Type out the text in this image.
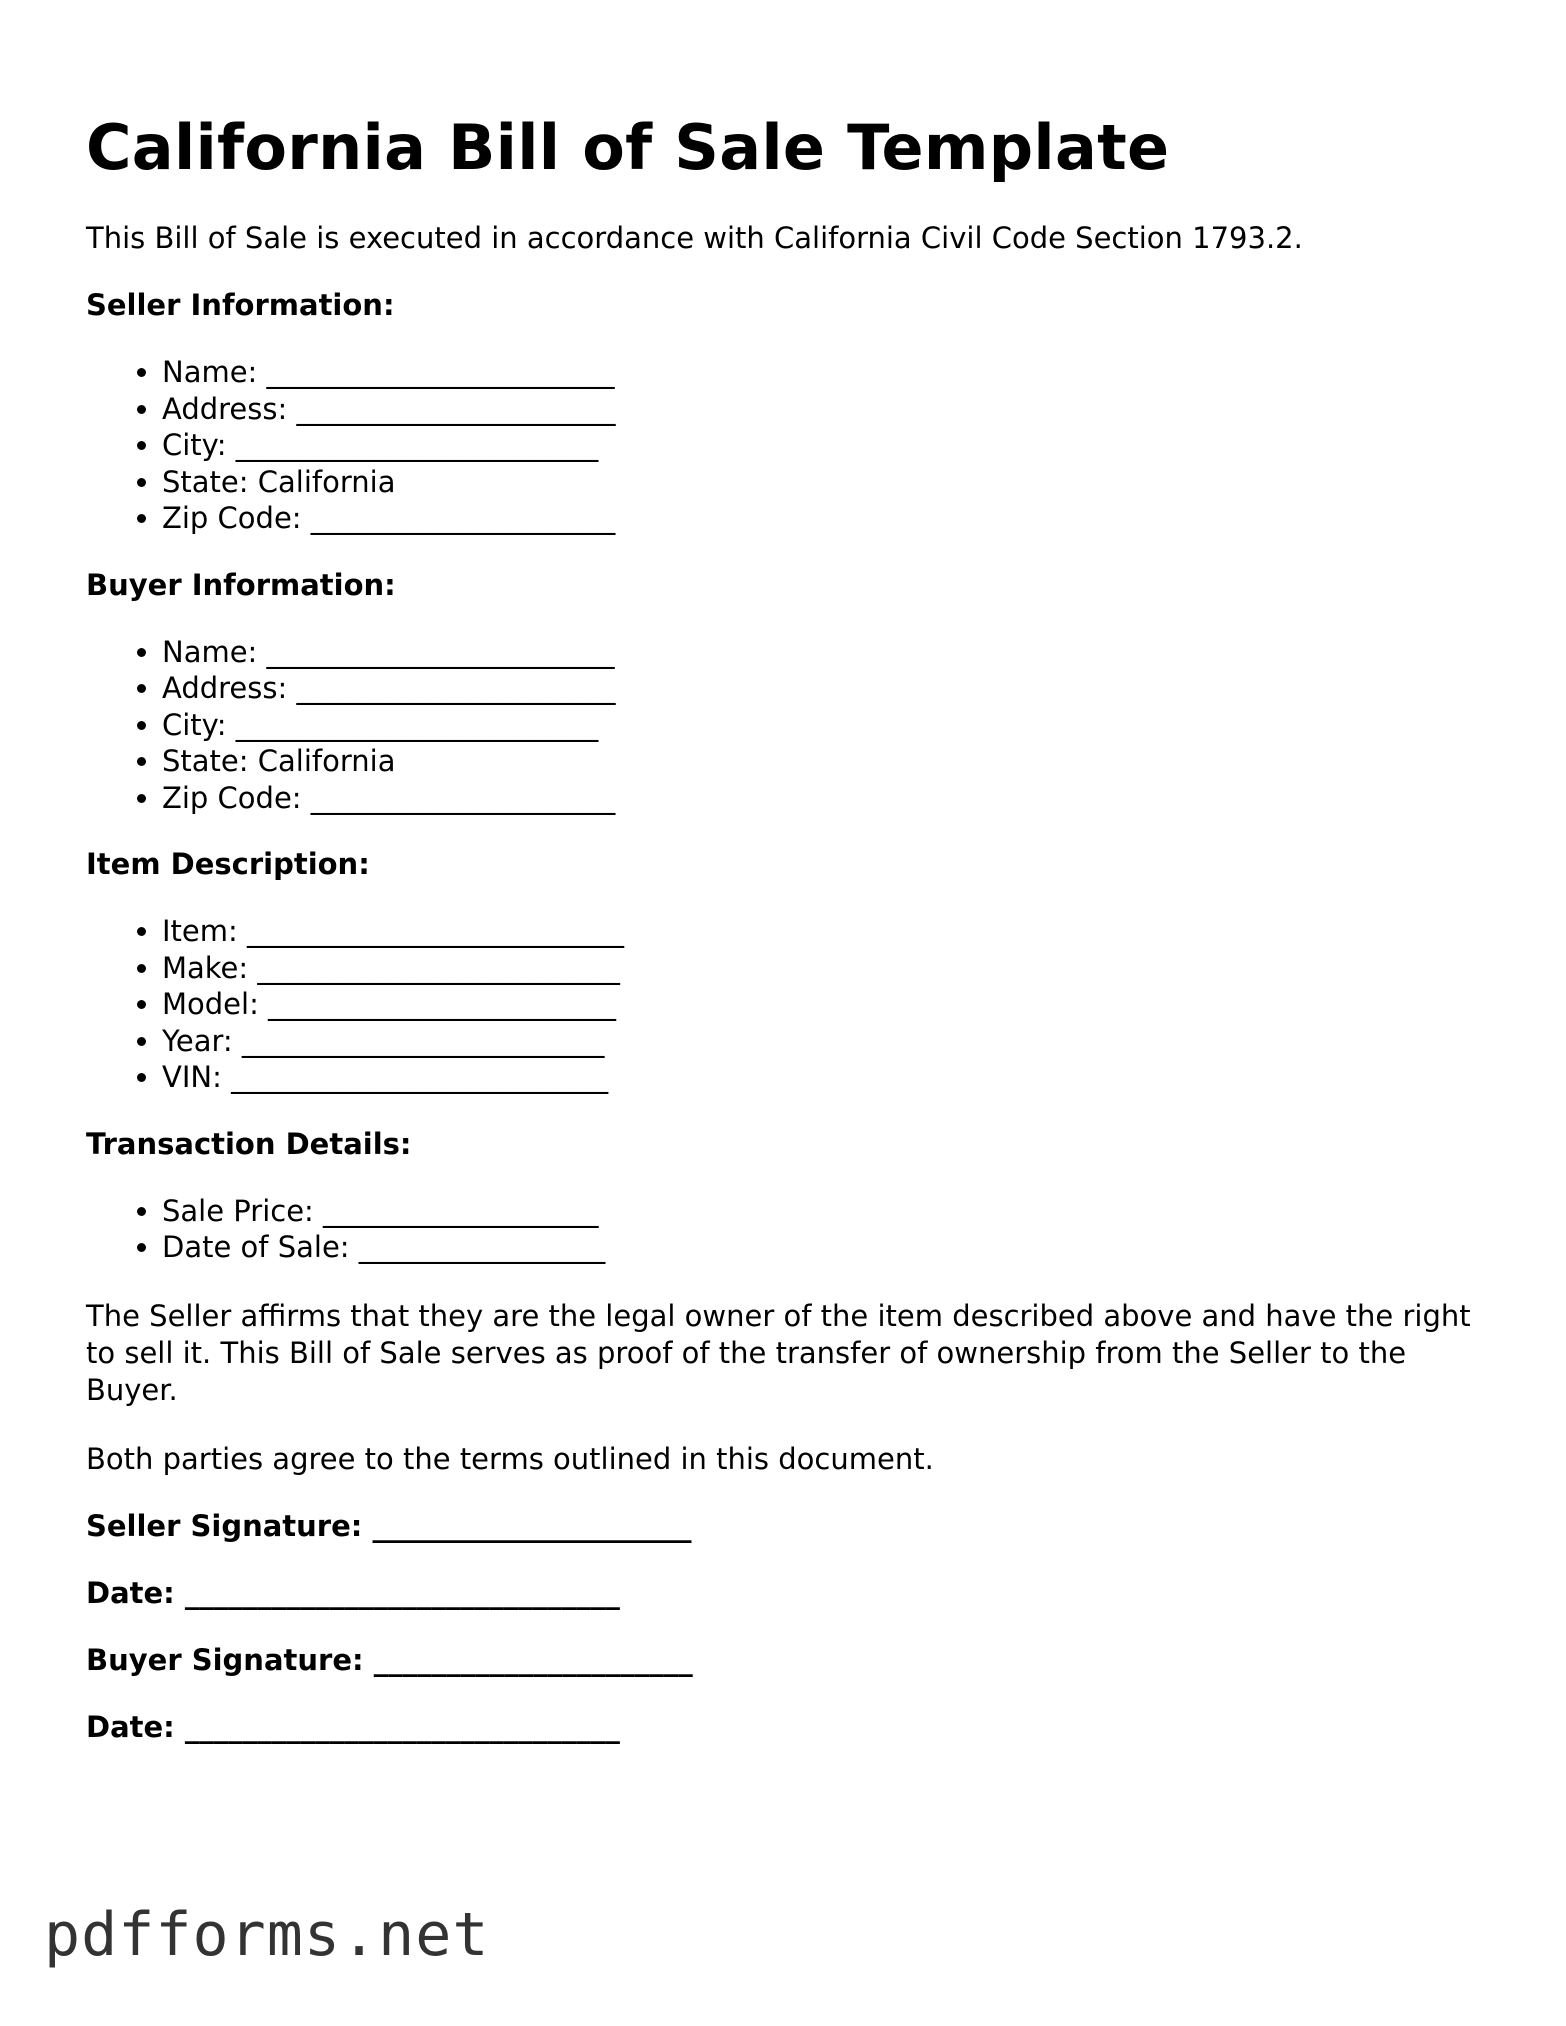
California Bill of Sale Template

This Bill of Sale is executed in accordance with California Civil Code Section 1793.2.

Seller Information:

• Name: ________________________
• Address: ______________________
• City: _________________________
• State: California
• Zip Code: _____________________

Buyer Information:

• Name: ________________________
• Address: ______________________
• City: _________________________
• State: California
• Zip Code: _____________________

Item Description:

• Item: __________________________
• Make: _________________________
• Model: ________________________
• Year: _________________________
• VIN: __________________________

Transaction Details:

• Sale Price: ___________________
• Date of Sale: _________________

The Seller affirms that they are the legal owner of the item described above and have the right to sell it. This Bill of Sale serves as proof of the transfer of ownership from the Seller to the Buyer.

Both parties agree to the terms outlined in this document.

Seller Signature: ______________________

Date: ______________________________

Buyer Signature: ______________________

Date: ______________________________

pdfforms.net
